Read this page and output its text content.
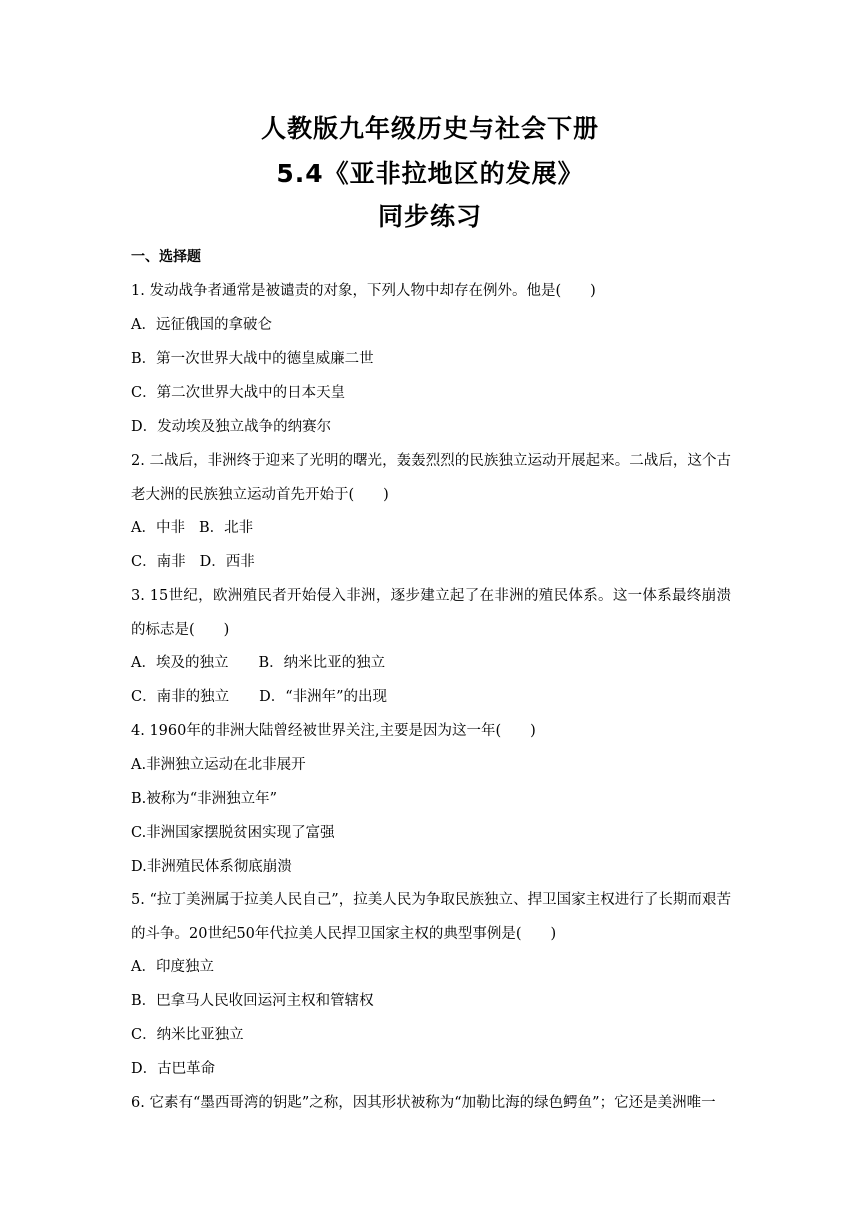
人教版九年级历史与社会下册
5.4《亚非拉地区的发展》
同步练习
一、选择题
1. 发动战争者通常是被谴责的对象，下列人物中却存在例外。他是(　　)
A．远征俄国的拿破仑
B．第一次世界大战中的德皇威廉二世
C．第二次世界大战中的日本天皇
D．发动埃及独立战争的纳赛尔
2. 二战后，非洲终于迎来了光明的曙光，轰轰烈烈的民族独立运动开展起来。二战后，这个古老大洲的民族独立运动首先开始于(　　)
A．中非 B．北非
C．南非 D．西非
3. 15世纪，欧洲殖民者开始侵入非洲，逐步建立起了在非洲的殖民体系。这一体系最终崩溃的标志是(　　)
A．埃及的独立 B．纳米比亚的独立
C．南非的独立 D．“非洲年”的出现
4. 1960年的非洲大陆曾经被世界关注,主要是因为这一年(　　)
A.非洲独立运动在北非展开
B.被称为“非洲独立年”
C.非洲国家摆脱贫困实现了富强
D.非洲殖民体系彻底崩溃
5. “拉丁美洲属于拉美人民自己”，拉美人民为争取民族独立、捍卫国家主权进行了长期而艰苦的斗争。20世纪50年代拉美人民捍卫国家主权的典型事例是(　　)
A．印度独立
B．巴拿马人民收回运河主权和管辖权
C．纳米比亚独立
D．古巴革命
6. 它素有“墨西哥湾的钥匙”之称，因其形状被称为“加勒比海的绿色鳄鱼”；它还是美洲唯一
